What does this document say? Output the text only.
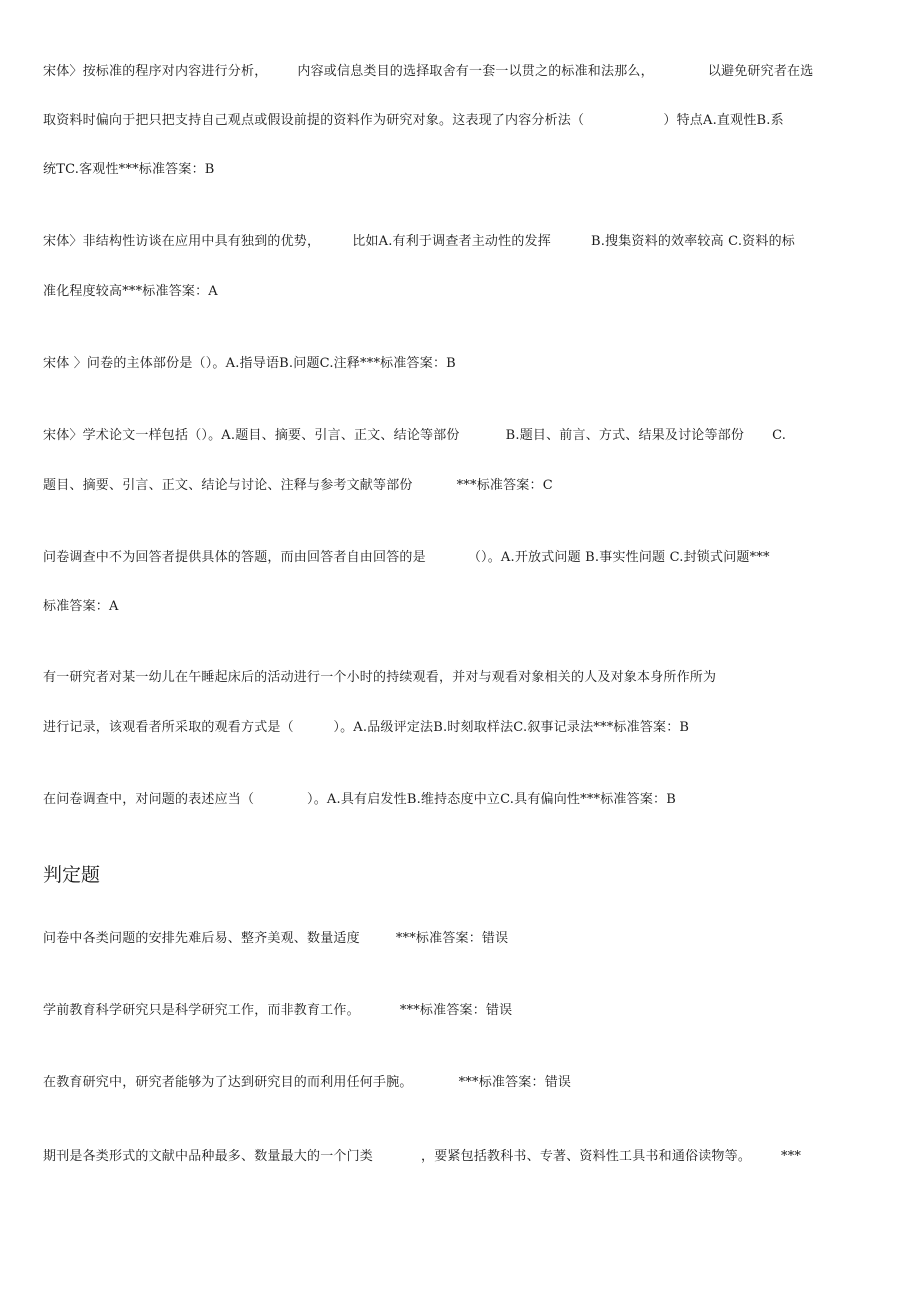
宋体〉按标准的程序对内容进行分析， 内容或信息类目的选择取舍有一套一以贯之的标准和法那么，	以避免研究者在选
取资料时偏向于把只把支持自己观点或假设前提的资料作为研究对象。这表现了内容分析法（　　　　　　）特点A.直观性B.系
统TC.客观性***标准答案：B
宋体〉非结构性访谈在应用中具有独到的优势， 比如A.有利于调查者主动性的发挥	B.搜集资料的效率较高 C.资料的标
准化程度较高***标准答案：A
宋体 〉问卷的主体部份是（）。A.指导语B.问题C.注释***标准答案：B
宋体〉学术论文一样包括（）。A.题目、摘要、引言、正文、结论等部份	B.题目、前言、方式、结果及讨论等部份 C.
题目、摘要、引言、正文、结论与讨论、注释与参考文献等部份	***标准答案：C
问卷调查中不为回答者提供具体的答题，而由回答者自由回答的是	（）。A.开放式问题 B.事实性问题 C.封锁式问题***
标准答案：A
有一研究者对某一幼儿在午睡起床后的活动进行一个小时的持续观看，并对与观看对象相关的人及对象本身所作所为
进行记录，该观看者所采取的观看方式是（　　　）。A.品级评定法B.时刻取样法C.叙事记录法***标准答案：B
在问卷调查中，对问题的表述应当（　　　　）。A.具有启发性B.维持态度中立C.具有偏向性***标准答案：B
判定题
问卷中各类问题的安排先难后易、整齐美观、数量适度	***标准答案：错误
学前教育科学研究只是科学研究工作，而非教育工作。	***标准答案：错误
在教育研究中，研究者能够为了达到研究目的而利用任何手腕。	***标准答案：错误
期刊是各类形式的文献中品种最多、数量最大的一个门类	，要紧包括教科书、专著、资料性工具书和通俗读物等。 ***
